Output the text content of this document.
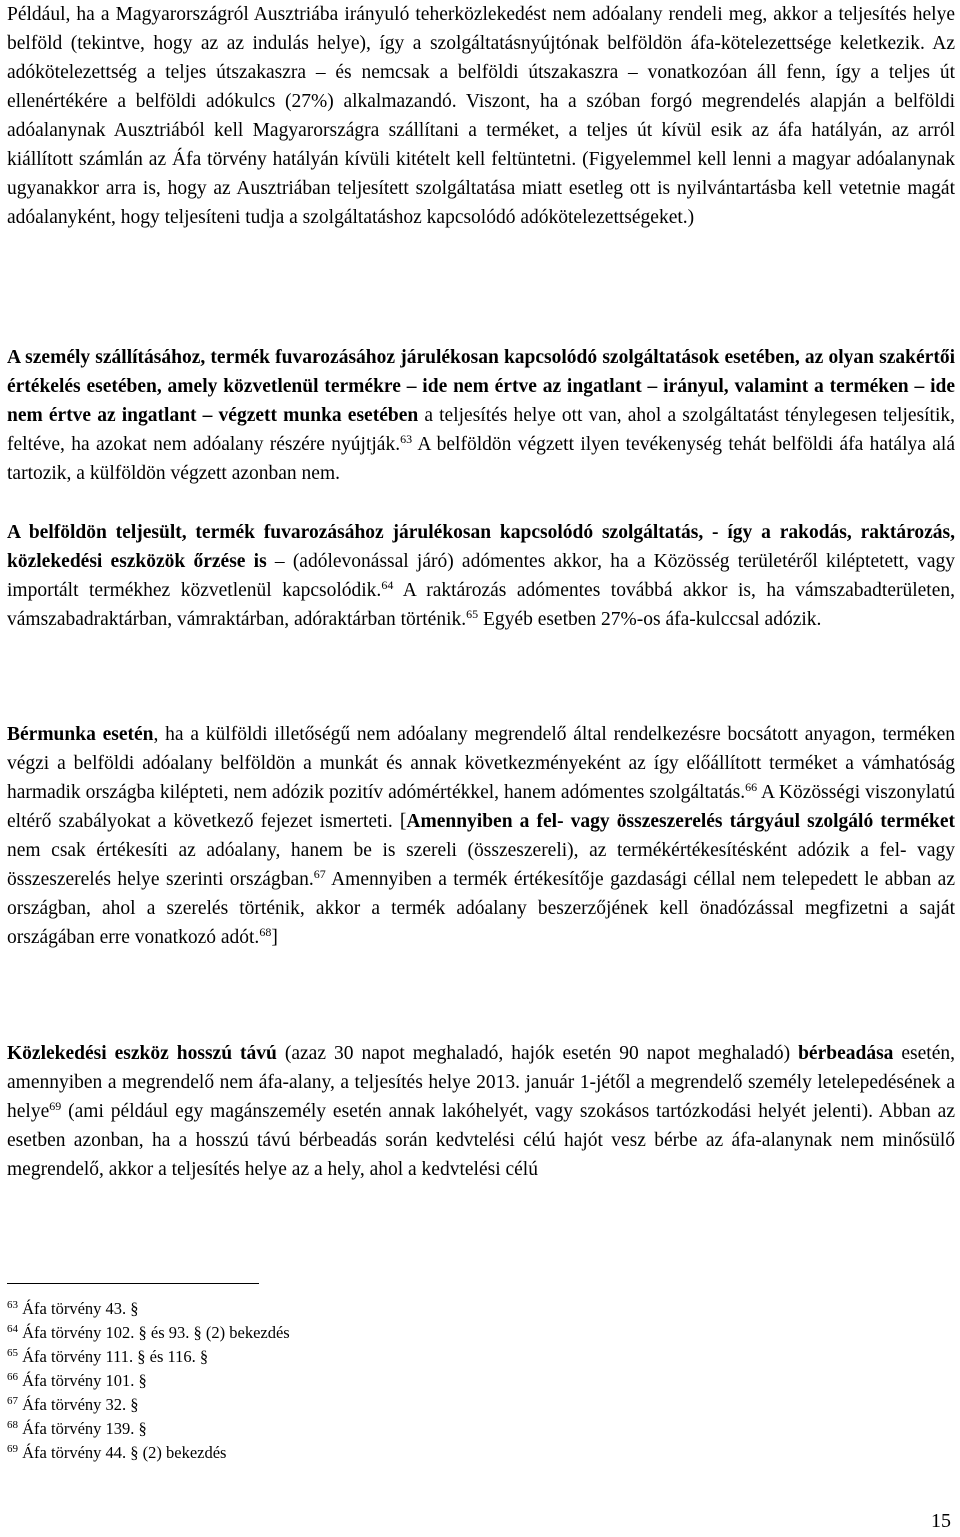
Például, ha a Magyarországról Ausztriába irányuló teherközlekedést nem adóalany rendeli meg, akkor a teljesítés helye belföld (tekintve, hogy az az indulás helye), így a szolgáltatásnyújtónak belföldön áfa-kötelezettsége keletkezik. Az adókötelezettség a teljes útszakaszra – és nemcsak a belföldi útszakaszra – vonatkozóan áll fenn, így a teljes út ellenértékére a belföldi adókulcs (27%) alkalmazandó. Viszont, ha a szóban forgó megrendelés alapján a belföldi adóalanynak Ausztriából kell Magyarországra szállítani a terméket, a teljes út kívül esik az áfa hatályán, az arról kiállított számlán az Áfa törvény hatályán kívüli kitételt kell feltüntetni. (Figyelemmel kell lenni a magyar adóalanynak ugyanakkor arra is, hogy az Ausztriában teljesített szolgáltatása miatt esetleg ott is nyilvántartásba kell vetetnie magát adóalanyként, hogy teljesíteni tudja a szolgáltatáshoz kapcsolódó adókötelezettségeket.)

A személy szállításához, termék fuvarozásához járulékosan kapcsolódó szolgáltatások esetében, az olyan szakértői értékelés esetében, amely közvetlenül termékre – ide nem értve az ingatlant – irányul, valamint a terméken – ide nem értve az ingatlant – végzett munka esetében a teljesítés helye ott van, ahol a szolgáltatást ténylegesen teljesítik, feltéve, ha azokat nem adóalany részére nyújtják.$^{63}$ A belföldön végzett ilyen tevékenység tehát belföldi áfa hatálya alá tartozik, a külföldön végzett azonban nem.

A belföldön teljesült, termék fuvarozásához járulékosan kapcsolódó szolgáltatás, - így a rakodás, raktározás, közlekedési eszközök őrzése is – (adólevonással járó) adómentes akkor, ha a Közösség területéről kiléptetett, vagy importált termékhez közvetlenül kapcsolódik.$^{64}$ A raktározás adómentes továbbá akkor is, ha vámszabadterületen, vámszabadraktárban, vámraktárban, adóraktárban történik.$^{65}$ Egyéb esetben 27%-os áfa-kulccsal adózik.

Bérmunka esetén, ha a külföldi illetőségű nem adóalany megrendelő által rendelkezésre bocsátott anyagon, terméken végzi a belföldi adóalany belföldön a munkát és annak következményeként az így előállított terméket a vámhatóság harmadik országba kilépteti, nem adózik pozitív adómértékkel, hanem adómentes szolgáltatás.$^{66}$ A Közösségi viszonylatú eltérő szabályokat a következő fejezet ismerteti. [Amennyiben a fel- vagy összeszerelés tárgyául szolgáló terméket nem csak értékesíti az adóalany, hanem be is szereli (összeszereli), az termékértékesítésként adózik a fel- vagy összeszerelés helye szerinti országban.$^{67}$ Amennyiben a termék értékesítője gazdasági céllal nem telepedett le abban az országban, ahol a szerelés történik, akkor a termék adóalany beszerzőjének kell önadózással megfizetni a saját országában erre vonatkozó adót.$^{68}$]

Közlekedési eszköz hosszú távú (azaz 30 napot meghaladó, hajók esetén 90 napot meghaladó) bérbeadása esetén, amennyiben a megrendelő nem áfa-alany, a teljesítés helye 2013. január 1-jétől a megrendelő személy letelepedésének a helye$^{69}$ (ami például egy magánszemély esetén annak lakóhelyét, vagy szokásos tartózkodási helyét jelenti). Abban az esetben azonban, ha a hosszú távú bérbeadás során kedvtelési célú hajót vesz bérbe az áfa-alanynak nem minősülő megrendelő, akkor a teljesítés helye az a hely, ahol a kedvtelési célú

$^{63}$ Áfa törvény 43. §
$^{64}$ Áfa törvény 102. § és 93. § (2) bekezdés
$^{65}$ Áfa törvény 111. § és 116. §
$^{66}$ Áfa törvény 101. §
$^{67}$ Áfa törvény 32. §
$^{68}$ Áfa törvény 139. §
$^{69}$ Áfa törvény 44. § (2) bekezdés
15
